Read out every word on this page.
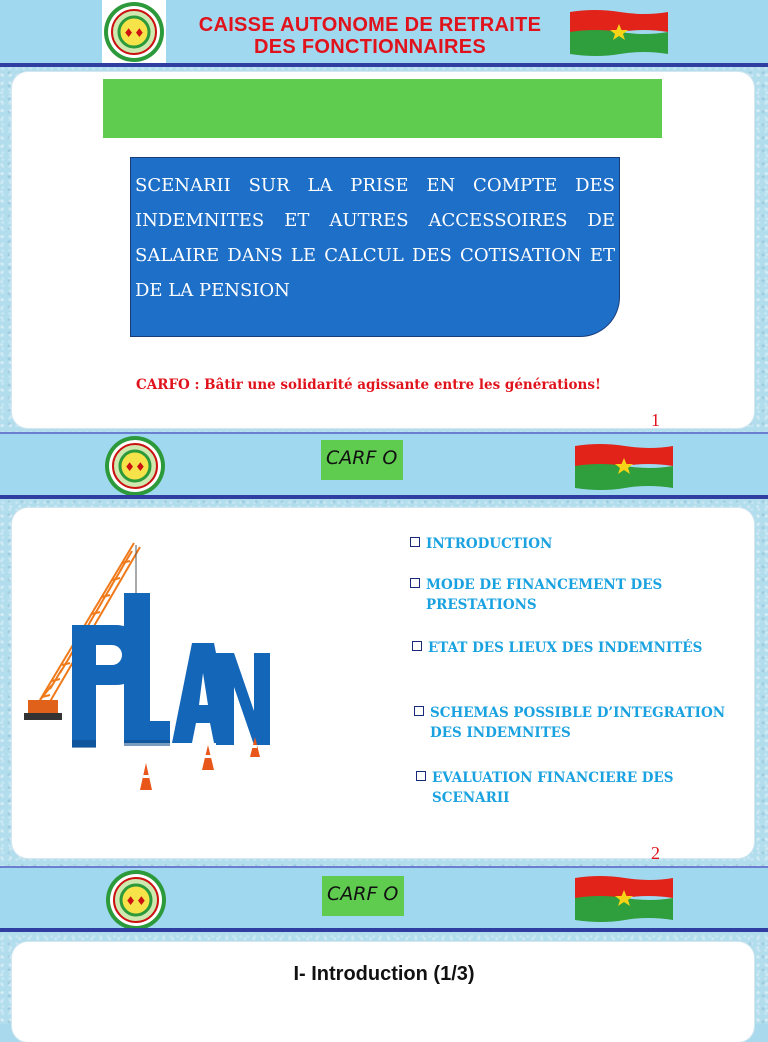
♦♦	CAISSE AUTONOME DE RETRAITE
DES FONCTIONNAIRES
SCENARII SUR LA PRISE EN COMPTE DES INDEMNITES ET AUTRES ACCESSOIRES DE SALAIRE DANS LE CALCUL DES COTISATION ET DE LA PENSION
CARFO : Bâtir une solidarité agissante entre les générations!
1
♦♦	CARF O
INTRODUCTION
MODE DE FINANCEMENT DES
PRESTATIONS
ETAT DES LIEUX DES INDEMNITÉS
SCHEMAS POSSIBLE D’INTEGRATION
DES INDEMNITES
EVALUATION FINANCIERE DES
SCENARII
2
♦♦	CARF O
I- Introduction (1/3)
